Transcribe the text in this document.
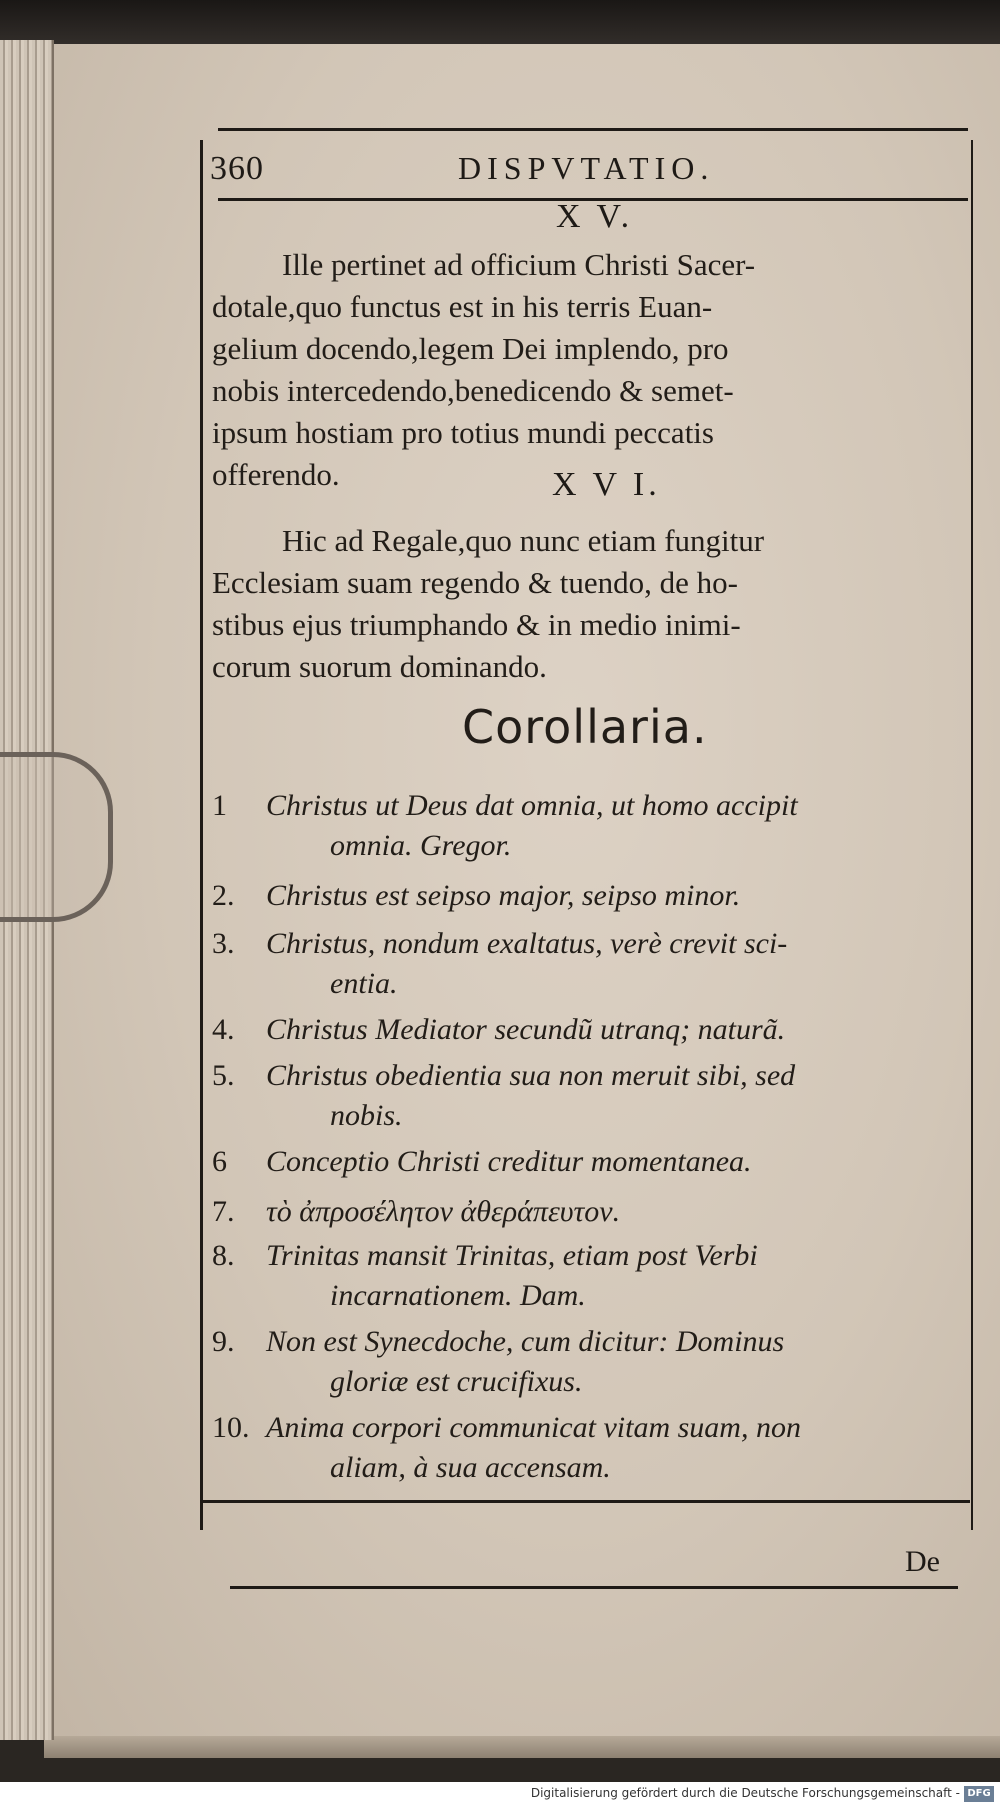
360	DISPVTATIO.
X V.
Ille pertinet ad officium Christi Sacer-
dotale,quo functus est in his terris Euan-
gelium docendo,legem Dei implendo, pro
nobis intercedendo,benedicendo & semet-
ipsum hostiam pro totius mundi peccatis
offerendo.	X V I.
Hic ad Regale,quo nunc etiam fungitur
Ecclesiam suam regendo & tuendo, de ho-
stibus ejus triumphando & in medio inimi-
corum suorum dominando.
Corollaria.
1 Christus ut Deus dat omnia, ut homo accipit
omnia. Gregor.
2. Christus est seipso major, seipso minor.
3. Christus, nondum exaltatus, verè crevit sci-
entia.
4. Christus Mediator secundũ utranq; naturã.
5. Christus obedientia sua non meruit sibi, sed
nobis.
6 Conceptio Christi creditur momentanea.
7. τὸ ἀπροσέλητον ἀθεράπευτον.
8. Trinitas mansit Trinitas, etiam post Verbi
incarnationem. Dam.
9. Non est Synecdoche, cum dicitur: Dominus
gloriæ est crucifixus.
10. Anima corpori communicat vitam suam, non
aliam, à sua accensam.
De
Digitalisierung gefördert durch die Deutsche Forschungsgemeinschaft - DFG
